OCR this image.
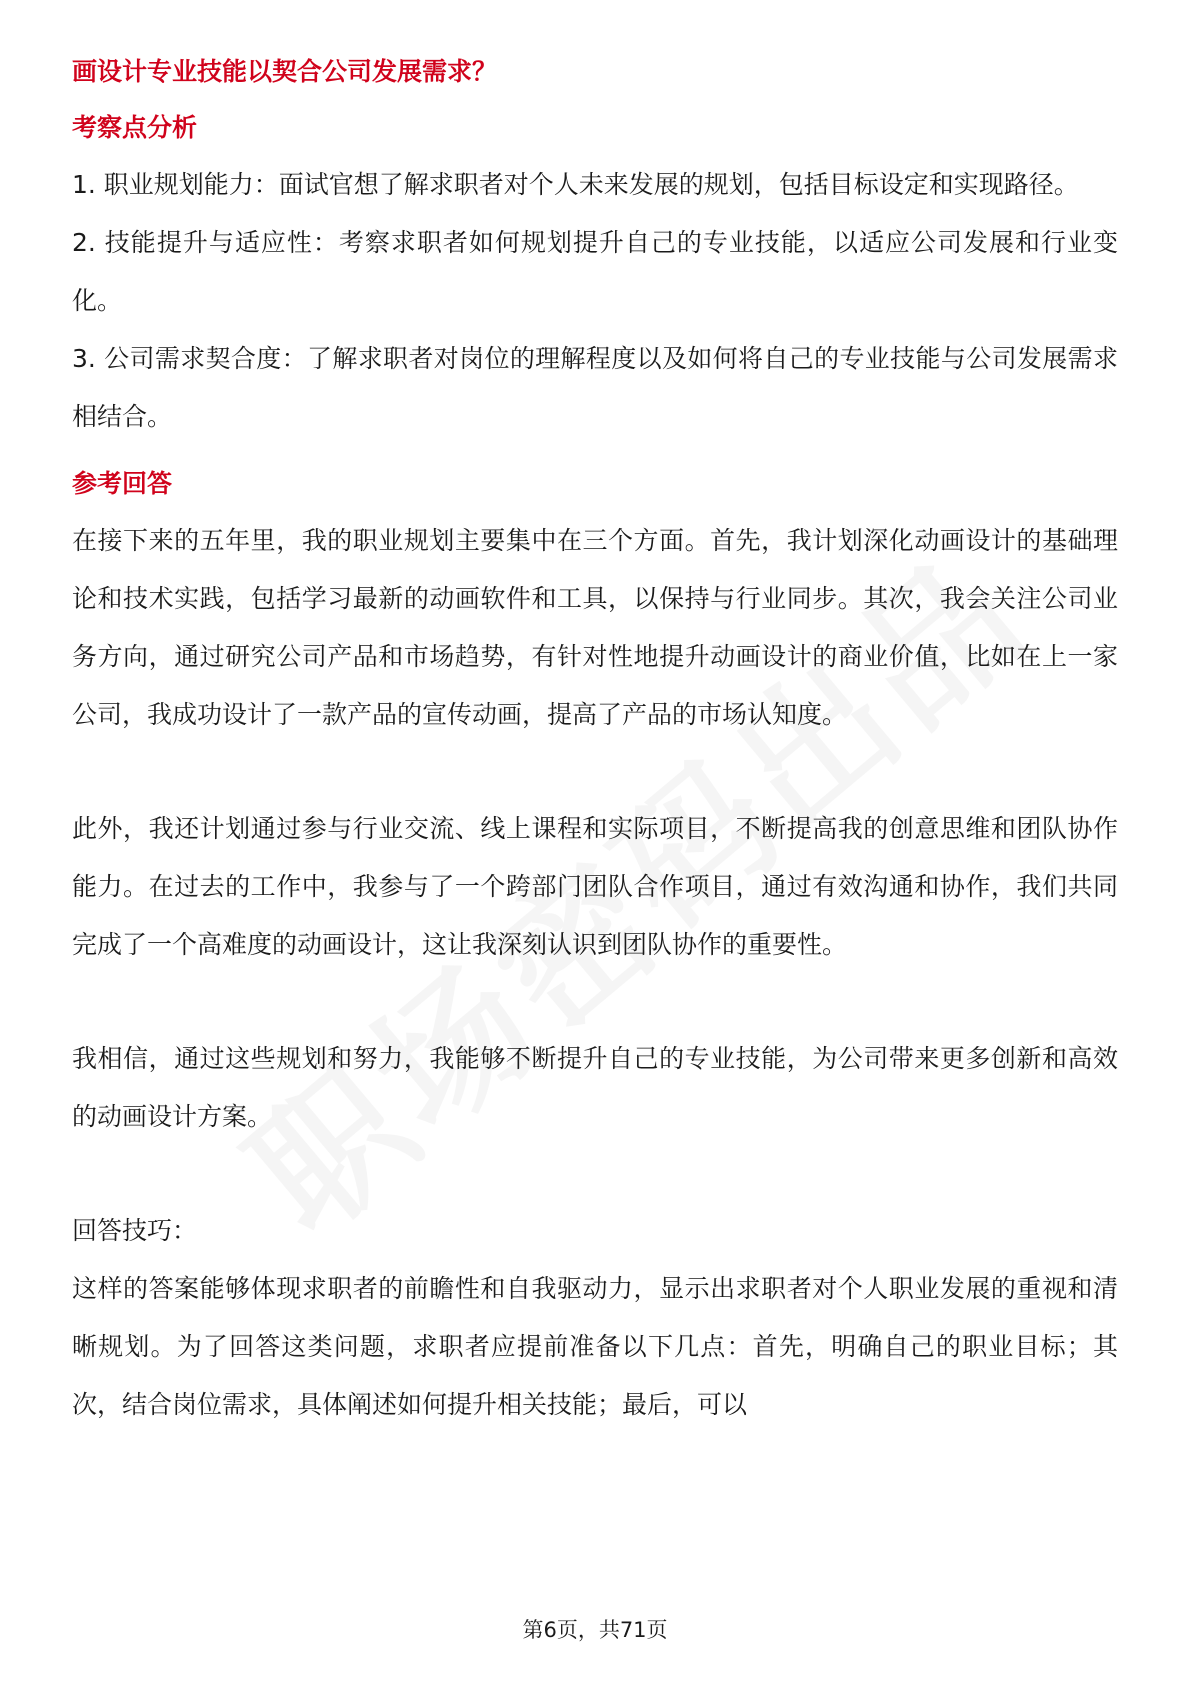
画设计专业技能以契合公司发展需求？

考察点分析

1. 职业规划能力：面试官想了解求职者对个人未来发展的规划，包括目标设定和实现路径。

2. 技能提升与适应性：考察求职者如何规划提升自己的专业技能，以适应公司发展和行业变化。

3. 公司需求契合度：了解求职者对岗位的理解程度以及如何将自己的专业技能与公司发展需求相结合。

参考回答

在接下来的五年里，我的职业规划主要集中在三个方面。首先，我计划深化动画设计的基础理论和技术实践，包括学习最新的动画软件和工具，以保持与行业同步。其次，我会关注公司业务方向，通过研究公司产品和市场趋势，有针对性地提升动画设计的商业价值，比如在上一家公司，我成功设计了一款产品的宣传动画，提高了产品的市场认知度。

此外，我还计划通过参与行业交流、线上课程和实际项目，不断提高我的创意思维和团队协作能力。在过去的工作中，我参与了一个跨部门团队合作项目，通过有效沟通和协作，我们共同完成了一个高难度的动画设计，这让我深刻认识到团队协作的重要性。

我相信，通过这些规划和努力，我能够不断提升自己的专业技能，为公司带来更多创新和高效的动画设计方案。

回答技巧：

这样的答案能够体现求职者的前瞻性和自我驱动力，显示出求职者对个人职业发展的重视和清晰规划。为了回答这类问题，求职者应提前准备以下几点：首先，明确自己的职业目标；其次，结合岗位需求，具体阐述如何提升相关技能；最后，可以

第6页，共71页
